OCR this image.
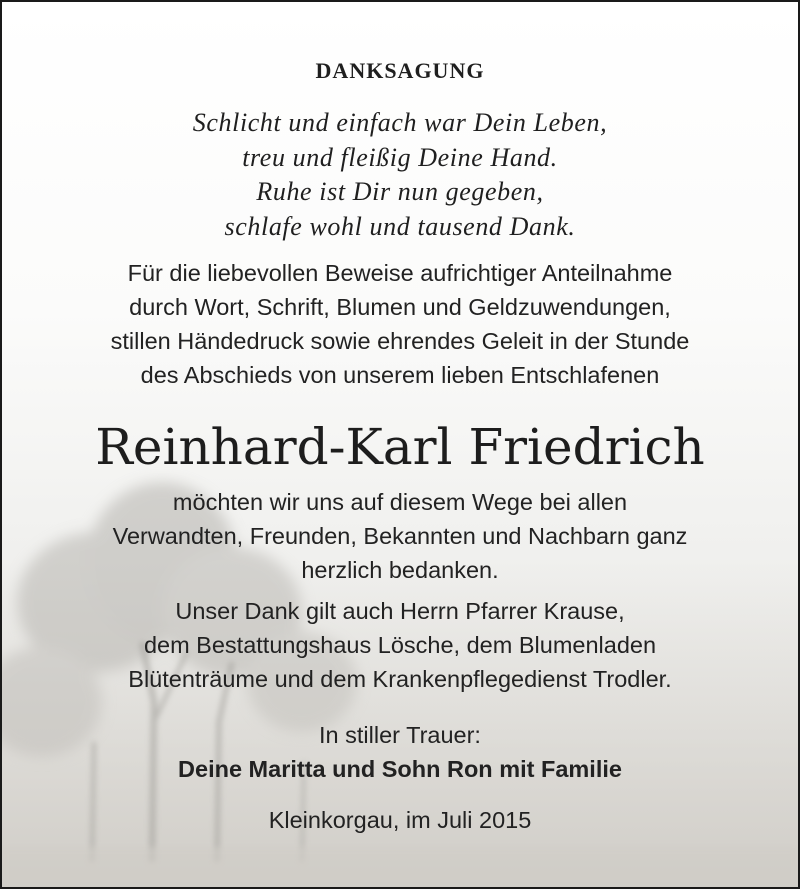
DANKSAGUNG
Schlicht und einfach war Dein Leben,
treu und fleißig Deine Hand.
Ruhe ist Dir nun gegeben,
schlafe wohl und tausend Dank.
Für die liebevollen Beweise aufrichtiger Anteilnahme
durch Wort, Schrift, Blumen und Geldzuwendungen,
stillen Händedruck sowie ehrendes Geleit in der Stunde
des Abschieds von unserem lieben Entschlafenen
Reinhard-Karl Friedrich
möchten wir uns auf diesem Wege bei allen
Verwandten, Freunden, Bekannten und Nachbarn ganz
herzlich bedanken.
Unser Dank gilt auch Herrn Pfarrer Krause,
dem Bestattungshaus Lösche, dem Blumenladen
Blütenträume und dem Krankenpflegedienst Trodler.
In stiller Trauer:
Deine Maritta und Sohn Ron mit Familie
Kleinkorgau, im Juli 2015
